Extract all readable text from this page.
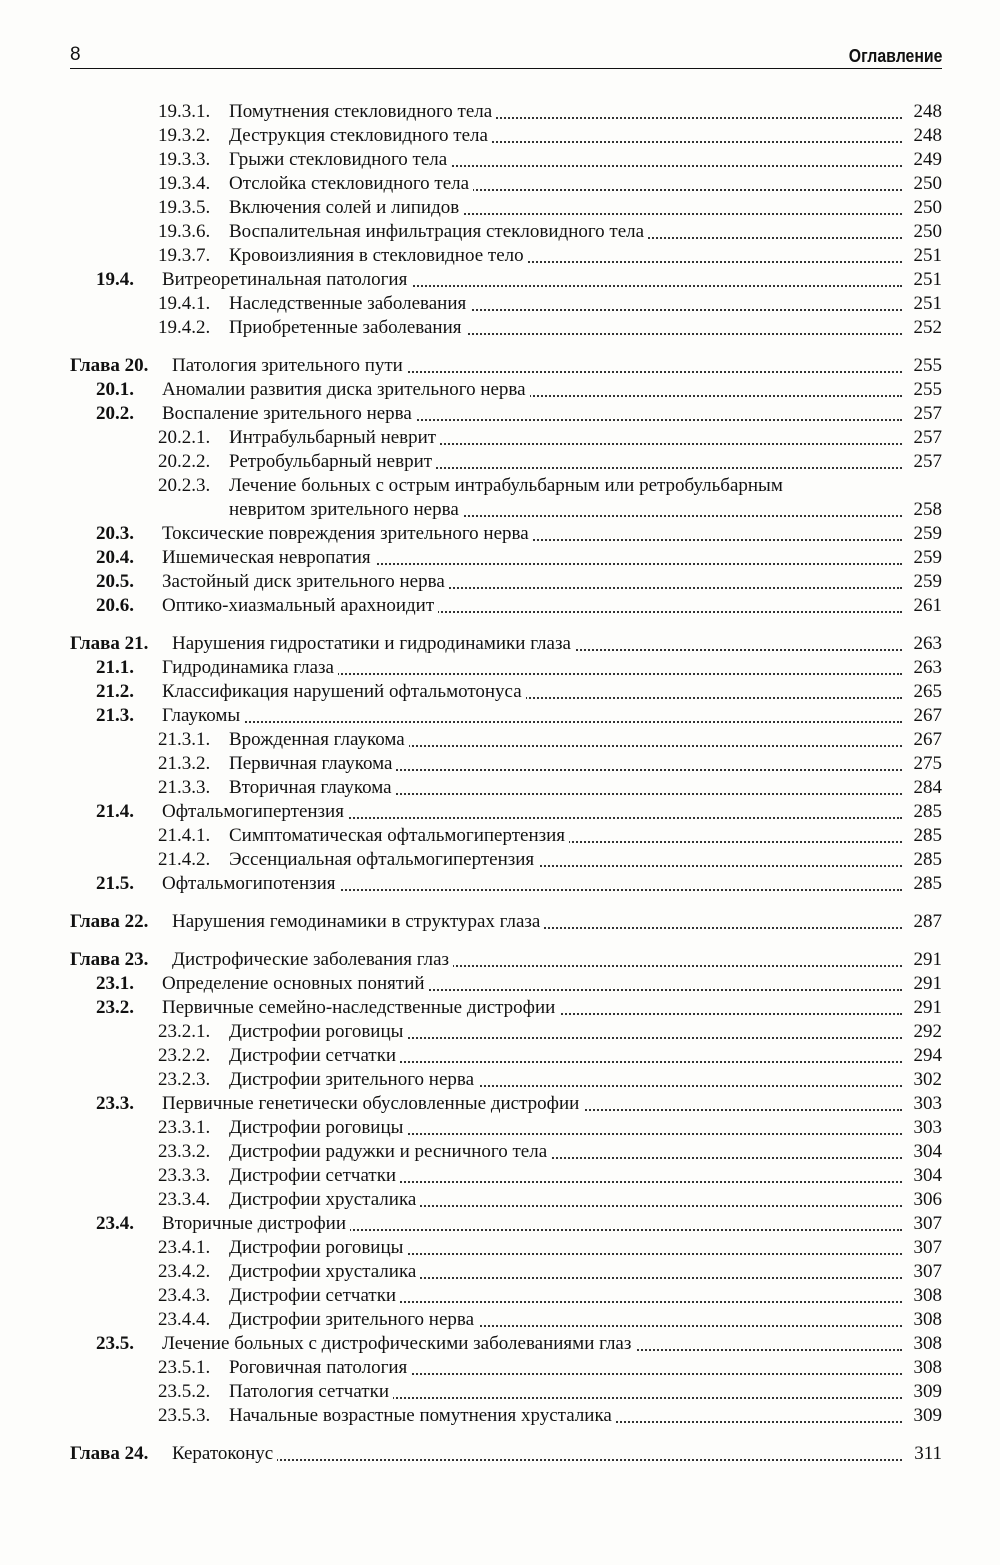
8	Оглавление
19.3.1. Помутнения стекловидного тела	248
19.3.2. Деструкция стекловидного тела	248
19.3.3. Грыжи стекловидного тела	249
19.3.4. Отслойка стекловидного тела	250
19.3.5. Включения солей и липидов	250
19.3.6. Воспалительная инфильтрация стекловидного тела	250
19.3.7. Кровоизлияния в стекловидное тело	251
19.4. Витреоретинальная патология	251
19.4.1. Наследственные заболевания	251
19.4.2. Приобретенные заболевания	252
Глава 20. Патология зрительного пути	255
20.1. Аномалии развития диска зрительного нерва	255
20.2. Воспаление зрительного нерва	257
20.2.1. Интрабульбарный неврит	257
20.2.2. Ретробульбарный неврит	257
20.2.3. Лечение больных с острым интрабульбарным или ретробульбарным
невритом зрительного нерва	258
20.3. Токсические повреждения зрительного нерва	259
20.4. Ишемическая невропатия	259
20.5. Застойный диск зрительного нерва	259
20.6. Оптико-хиазмальный арахноидит	261
Глава 21. Нарушения гидростатики и гидродинамики глаза	263
21.1. Гидродинамика глаза	263
21.2. Классификация нарушений офтальмотонуса	265
21.3. Глаукомы	267
21.3.1. Врожденная глаукома	267
21.3.2. Первичная глаукома	275
21.3.3. Вторичная глаукома	284
21.4. Офтальмогипертензия	285
21.4.1. Симптоматическая офтальмогипертензия	285
21.4.2. Эссенциальная офтальмогипертензия	285
21.5. Офтальмогипотензия	285
Глава 22. Нарушения гемодинамики в структурах глаза	287
Глава 23. Дистрофические заболевания глаз	291
23.1. Определение основных понятий	291
23.2. Первичные семейно-наследственные дистрофии	291
23.2.1. Дистрофии роговицы	292
23.2.2. Дистрофии сетчатки	294
23.2.3. Дистрофии зрительного нерва	302
23.3. Первичные генетически обусловленные дистрофии	303
23.3.1. Дистрофии роговицы	303
23.3.2. Дистрофии радужки и ресничного тела	304
23.3.3. Дистрофии сетчатки	304
23.3.4. Дистрофии хрусталика	306
23.4. Вторичные дистрофии	307
23.4.1. Дистрофии роговицы	307
23.4.2. Дистрофии хрусталика	307
23.4.3. Дистрофии сетчатки	308
23.4.4. Дистрофии зрительного нерва	308
23.5. Лечение больных с дистрофическими заболеваниями глаз	308
23.5.1. Роговичная патология	308
23.5.2. Патология сетчатки	309
23.5.3. Начальные возрастные помутнения хрусталика	309
Глава 24. Кератоконус	311
